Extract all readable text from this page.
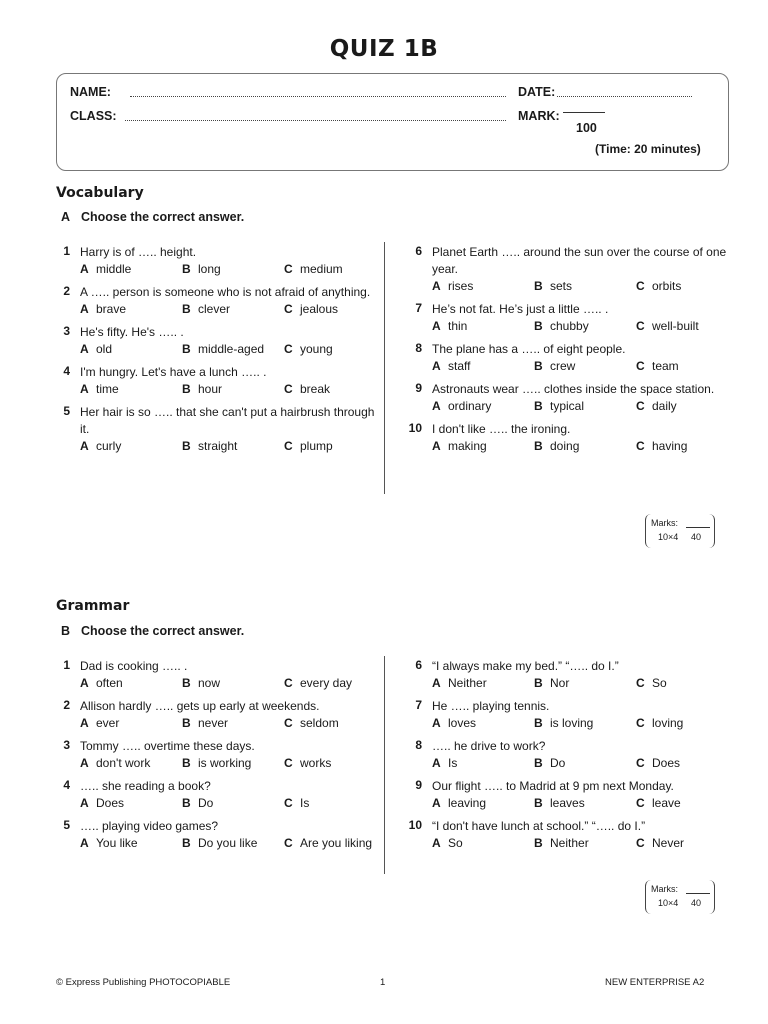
QUIZ 1B
NAME:
CLASS:
DATE:
MARK:
100
(Time: 20 minutes)
Vocabulary
A Choose the correct answer.
1 Harry is of ….. height.
A middle	B long	C medium
2 A ….. person is someone who is not afraid of anything.
A brave	B clever	C jealous
3 He's fifty. He's ….. .
A old	B middle-aged	C young
4 I'm hungry. Let's have a lunch ….. .
A time	B hour	C break
5 Her hair is so ….. that she can't put a hairbrush through it.
A curly	B straight	C plump
6 Planet Earth ….. around the sun over the course of one year.
A rises	B sets	C orbits
7 He’s not fat. He’s just a little ….. .
A thin	B chubby	C well-built
8 The plane has a ….. of eight people.
A staff	B crew	C team
9 Astronauts wear ….. clothes inside the space station.
A ordinary	B typical	C daily
10 I don't like ….. the ironing.
A making	B doing	C having
Marks:
10×4 40
Grammar
B Choose the correct answer.
1 Dad is cooking ….. .
A often	B now	C every day
2 Allison hardly ….. gets up early at weekends.
A ever	B never	C seldom
3 Tommy ….. overtime these days.
A don't work	B is working	C works
4 ….. she reading a book?
A Does	B Do	C Is
5 ….. playing video games?
A You like	B Do you like	C Are you liking
6 “I always make my bed.” “….. do I.”
A Neither	B Nor	C So
7 He ….. playing tennis.
A loves	B is loving	C loving
8 ….. he drive to work?
A Is	B Do	C Does
9 Our flight ….. to Madrid at 9 pm next Monday.
A leaving	B leaves	C leave
10 “I don't have lunch at school.” “….. do I.”
A So	B Neither	C Never
Marks:
10×4 40
© Express Publishing PHOTOCOPIABLE	1	NEW ENTERPRISE A2
